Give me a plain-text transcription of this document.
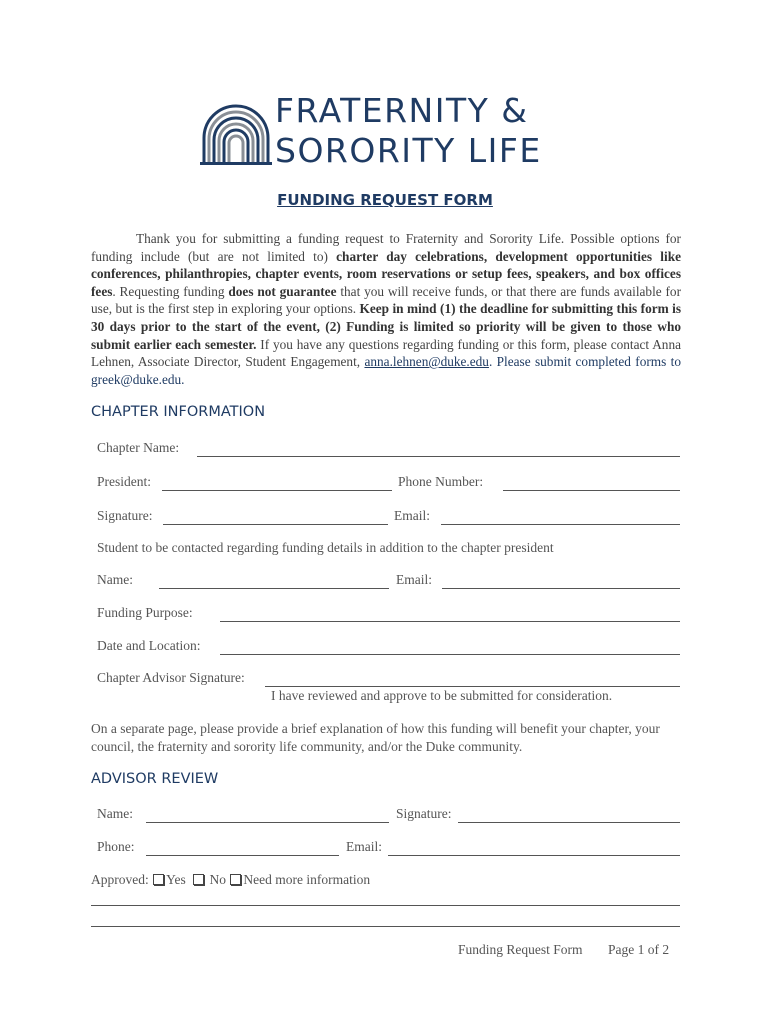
FRATERNITY &
SORORITY LIFE
FUNDING REQUEST FORM
Thank you for submitting a funding request to Fraternity and Sorority Life. Possible options for funding include (but are not limited to) charter day celebrations, development opportunities like conferences, philanthropies, chapter events, room reservations or setup fees, speakers, and box offices fees. Requesting funding does not guarantee that you will receive funds, or that there are funds available for use, but is the first step in exploring your options. Keep in mind (1) the deadline for submitting this form is 30 days prior to the start of the event, (2) Funding is limited so priority will be given to those who submit earlier each semester. If you have any questions regarding funding or this form, please contact Anna Lehnen, Associate Director, Student Engagement, anna.lehnen@duke.edu. Please submit completed forms to greek@duke.edu.
CHAPTER INFORMATION
Chapter Name:
President:	Phone Number:
Signature:	Email:
Student to be contacted regarding funding details in addition to the chapter president
Name:	Email:
Funding Purpose:
Date and Location:
Chapter Advisor Signature:
I have reviewed and approve to be submitted for consideration.
On a separate page, please provide a brief explanation of how this funding will benefit your chapter, your council, the fraternity and sorority life community, and/or the Duke community.
ADVISOR REVIEW
Name:	Signature:
Phone:	Email:
Approved: Yes No Need more information
Funding Request Form Page 1 of 2
